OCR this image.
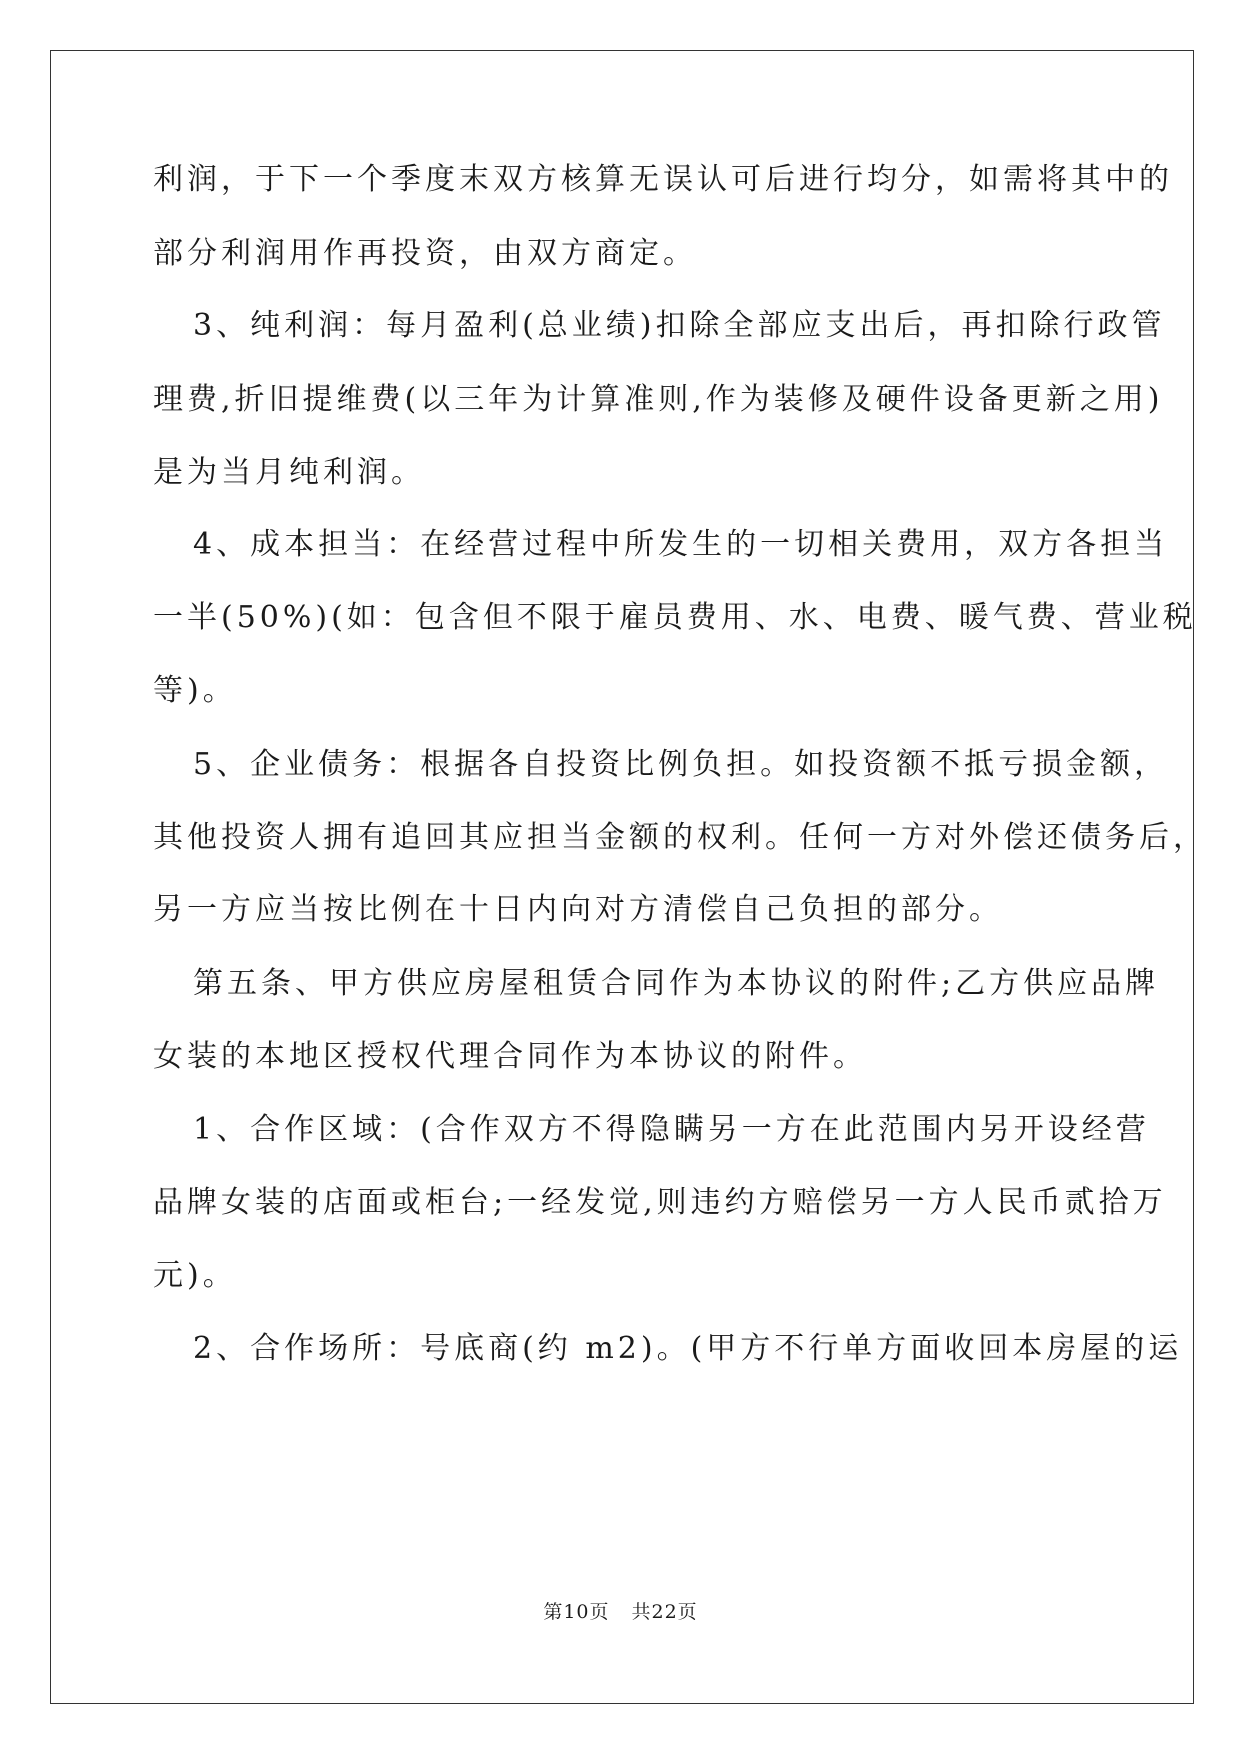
利润，于下一个季度末双方核算无误认可后进行均分，如需将其中的
部分利润用作再投资，由双方商定。
3、纯利润：每月盈利(总业绩)扣除全部应支出后，再扣除行政管
理费,折旧提维费(以三年为计算准则,作为装修及硬件设备更新之用)
是为当月纯利润。
4、成本担当：在经营过程中所发生的一切相关费用，双方各担当
一半(50%)(如：包含但不限于雇员费用、水、电费、暖气费、营业税
等)。
5、企业债务：根据各自投资比例负担。如投资额不抵亏损金额，
其他投资人拥有追回其应担当金额的权利。任何一方对外偿还债务后，
另一方应当按比例在十日内向对方清偿自己负担的部分。
第五条、甲方供应房屋租赁合同作为本协议的附件;乙方供应品牌
女装的本地区授权代理合同作为本协议的附件。
1、合作区域：(合作双方不得隐瞒另一方在此范围内另开设经营
品牌女装的店面或柜台;一经发觉,则违约方赔偿另一方人民币贰拾万
元)。
2、合作场所：号底商(约 m2)。(甲方不行单方面收回本房屋的运
第10页 共22页
